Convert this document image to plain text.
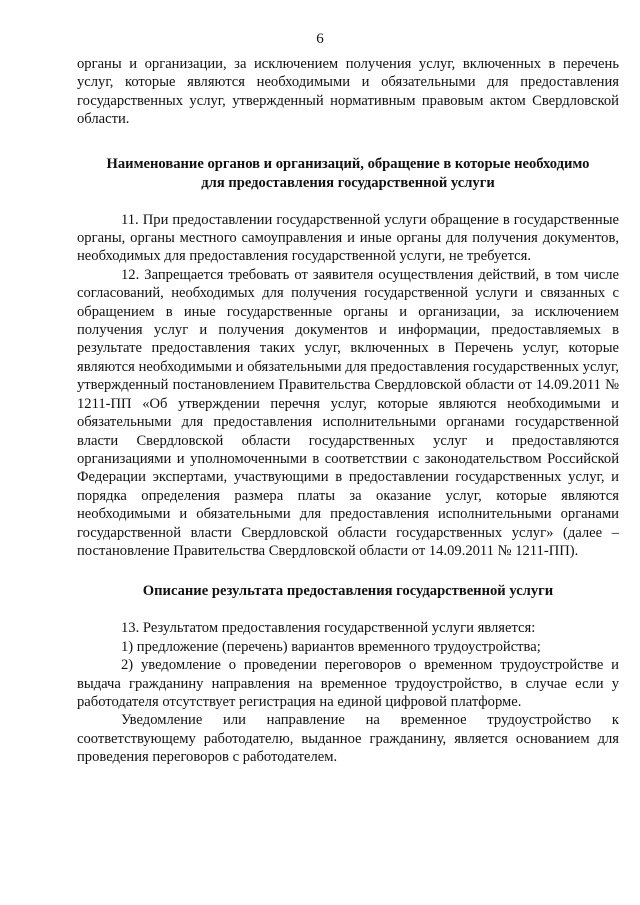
6

органы и организации, за исключением получения услуг, включенных в перечень услуг, которые являются необходимыми и обязательными для предоставления государственных услуг, утвержденный нормативным правовым актом Свердловской области.

Наименование органов и организаций, обращение в которые необходимо
для предоставления государственной услуги

11. При предоставлении государственной услуги обращение в государственные органы, органы местного самоуправления и иные органы для получения документов, необходимых для предоставления государственной услуги, не требуется.

12. Запрещается требовать от заявителя осуществления действий, в том числе согласований, необходимых для получения государственной услуги и связанных с обращением в иные государственные органы и организации, за исключением получения услуг и получения документов и информации, предоставляемых в результате предоставления таких услуг, включенных в Перечень услуг, которые являются необходимыми и обязательными для предоставления государственных услуг, утвержденный постановлением Правительства Свердловской области от 14.09.2011 № 1211-ПП «Об утверждении перечня услуг, которые являются необходимыми и обязательными для предоставления исполнительными органами государственной власти Свердловской области государственных услуг и предоставляются организациями и уполномоченными в соответствии с законодательством Российской Федерации экспертами, участвующими в предоставлении государственных услуг, и порядка определения размера платы за оказание услуг, которые являются необходимыми и обязательными для предоставления исполнительными органами государственной власти Свердловской области государственных услуг» (далее – постановление Правительства Свердловской области от 14.09.2011 № 1211-ПП).

Описание результата предоставления государственной услуги

13. Результатом предоставления государственной услуги является:

1) предложение (перечень) вариантов временного трудоустройства;

2) уведомление о проведении переговоров о временном трудоустройстве и выдача гражданину направления на временное трудоустройство, в случае если у работодателя отсутствует регистрация на единой цифровой платформе.

Уведомление или направление на временное трудоустройство к соответствующему работодателю, выданное гражданину, является основанием для проведения переговоров с работодателем.
